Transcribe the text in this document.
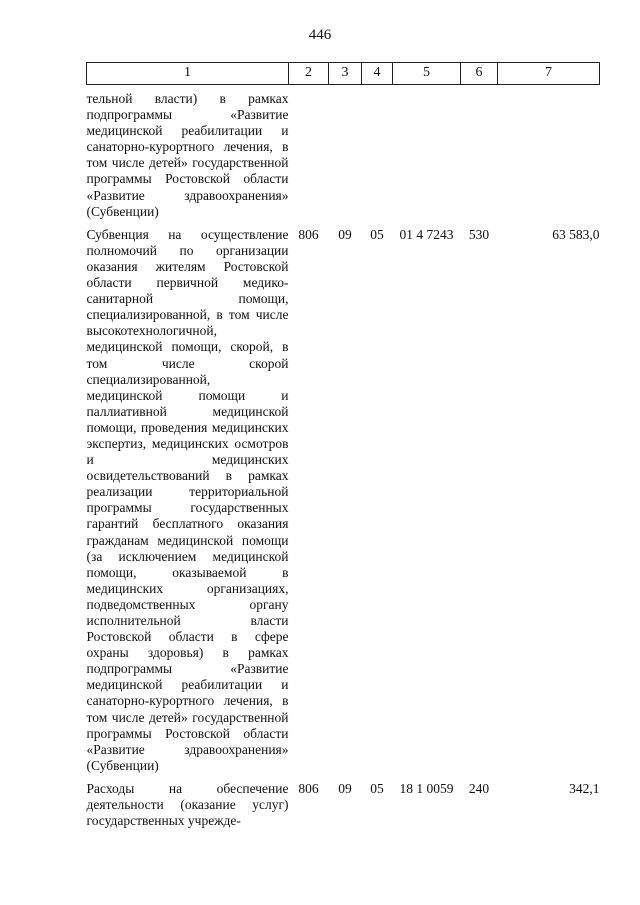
446
1	2	3	4	5	6	7
тельной власти) в рамках подпрограммы «Развитие медицинской реабилитации и санаторно-курортного лечения, в том числе детей» государственной программы Ростовской области «Развитие здравоохранения» (Субвенции)						
Субвенция на осуществление полномочий по организации оказания жителям Ростовской области первичной медико-санитарной помощи, специализированной, в том числе высокотехнологичной, медицинской помощи, скорой, в том числе скорой специализированной, медицинской помощи и паллиативной медицинской помощи, проведения медицинских экспертиз, медицинских осмотров и медицинских освидетельствований в рамках реализации территориальной программы государственных гарантий бесплатного оказания гражданам медицинской помощи (за исключением медицинской помощи, оказываемой в медицинских организациях, подведомственных органу исполнительной власти Ростовской области в сфере охраны здоровья) в рамках подпрограммы «Развитие медицинской реабилитации и санаторно-курортного лечения, в том числе детей» государственной программы Ростовской области «Развитие здравоохранения» (Субвенции)	806	09	05	01 4 7243	530	63 583,0
Расходы на обеспечение деятельности (оказание услуг) государственных учрежде-	806	09	05	18 1 0059	240	342,1
